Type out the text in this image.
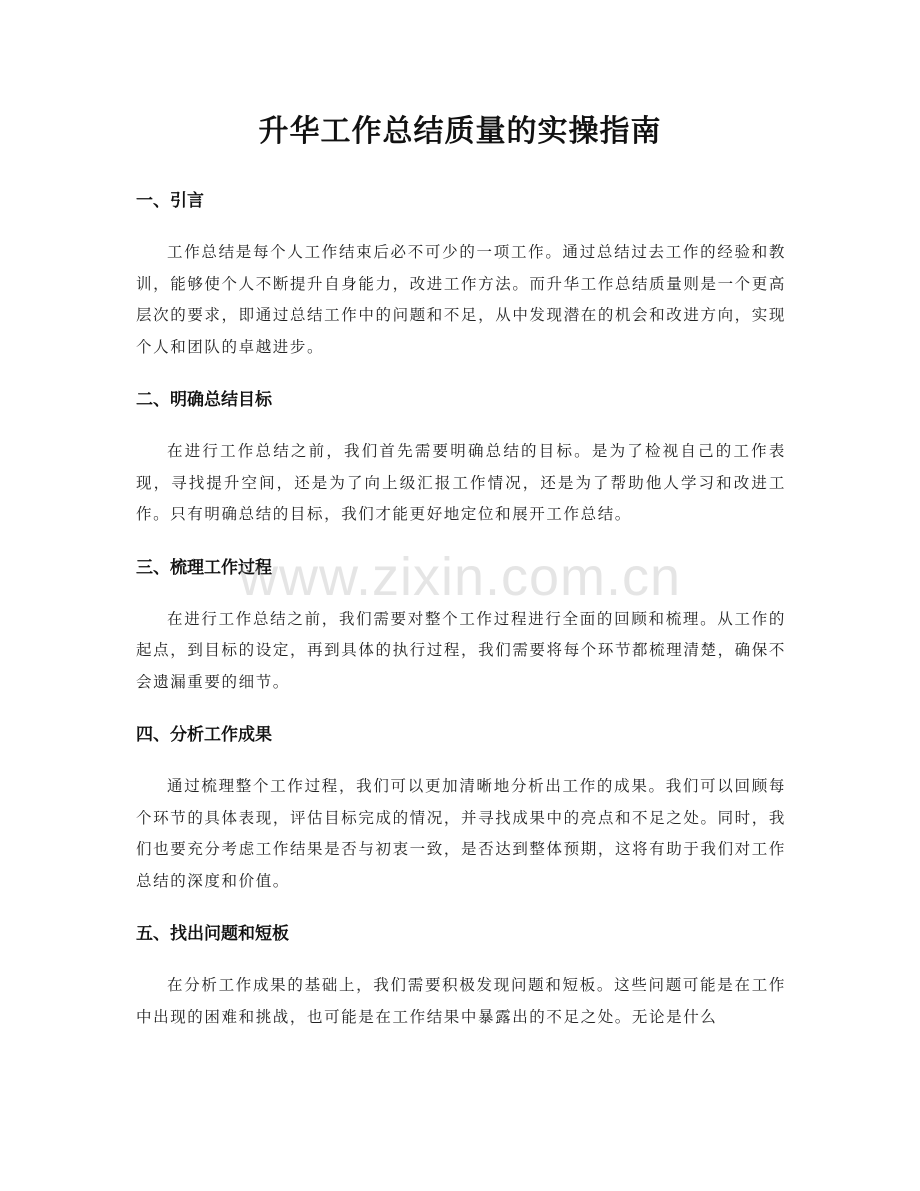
升华工作总结质量的实操指南
一、引言

工作总结是每个人工作结束后必不可少的一项工作。通过总结过去工作的经验和教训，能够使个人不断提升自身能力，改进工作方法。而升华工作总结质量则是一个更高层次的要求，即通过总结工作中的问题和不足，从中发现潜在的机会和改进方向，实现个人和团队的卓越进步。

二、明确总结目标

在进行工作总结之前，我们首先需要明确总结的目标。是为了检视自己的工作表现，寻找提升空间，还是为了向上级汇报工作情况，还是为了帮助他人学习和改进工作。只有明确总结的目标，我们才能更好地定位和展开工作总结。

三、梳理工作过程

在进行工作总结之前，我们需要对整个工作过程进行全面的回顾和梳理。从工作的起点，到目标的设定，再到具体的执行过程，我们需要将每个环节都梳理清楚，确保不会遗漏重要的细节。

四、分析工作成果

通过梳理整个工作过程，我们可以更加清晰地分析出工作的成果。我们可以回顾每个环节的具体表现，评估目标完成的情况，并寻找成果中的亮点和不足之处。同时，我们也要充分考虑工作结果是否与初衷一致，是否达到整体预期，这将有助于我们对工作总结的深度和价值。

五、找出问题和短板

在分析工作成果的基础上，我们需要积极发现问题和短板。这些问题可能是在工作中出现的困难和挑战，也可能是在工作结果中暴露出的不足之处。无论是什么

www.zixin.com.cn
